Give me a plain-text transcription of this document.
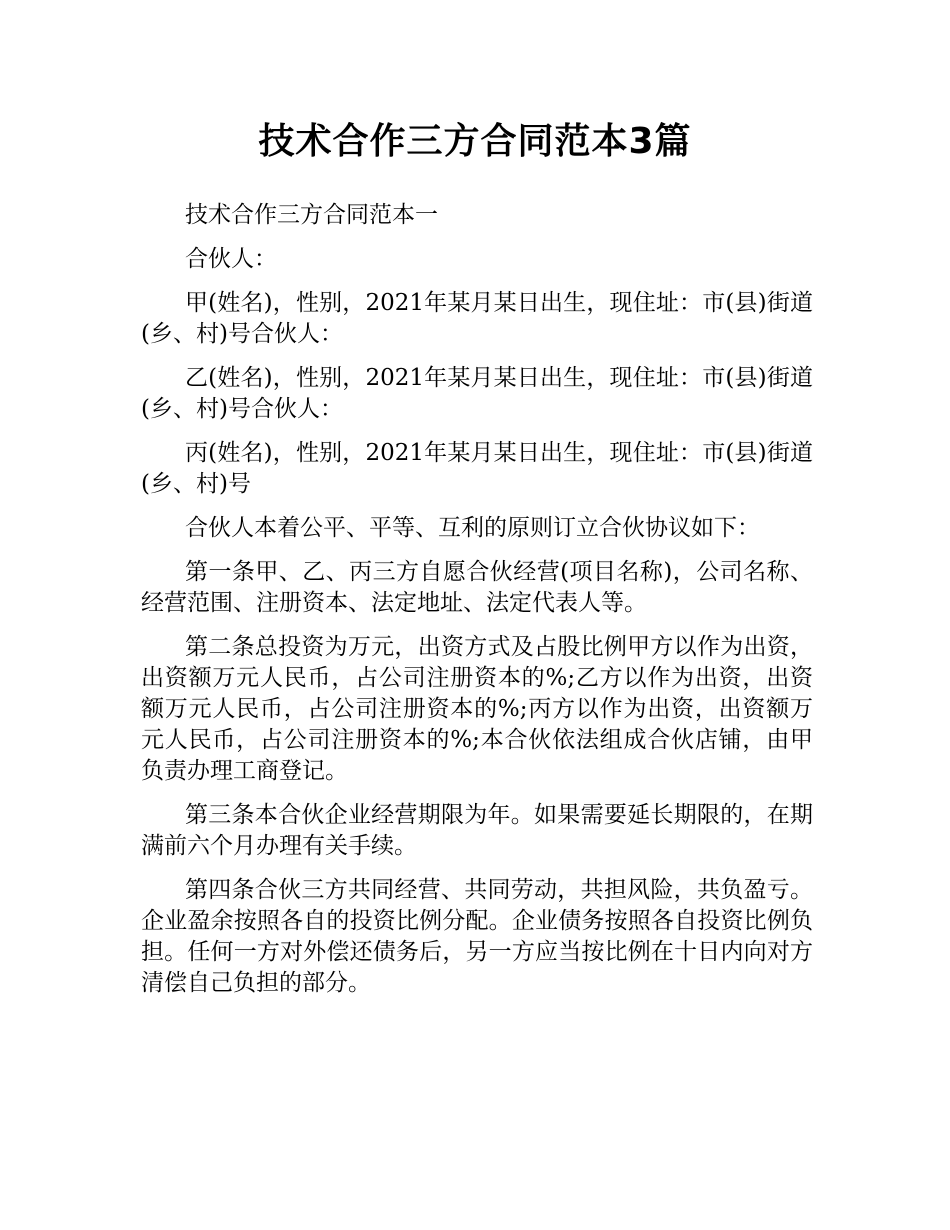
技术合作三方合同范本3篇

技术合作三方合同范本一

合伙人：

甲(姓名)，性别，2021年某月某日出生，现住址：市(县)街道(乡、村)号合伙人：

乙(姓名)，性别，2021年某月某日出生，现住址：市(县)街道(乡、村)号合伙人：

丙(姓名)，性别，2021年某月某日出生，现住址：市(县)街道(乡、村)号

合伙人本着公平、平等、互利的原则订立合伙协议如下：

第一条甲、乙、丙三方自愿合伙经营(项目名称)，公司名称、经营范围、注册资本、法定地址、法定代表人等。

第二条总投资为万元，出资方式及占股比例甲方以作为出资，出资额万元人民币，占公司注册资本的%;乙方以作为出资，出资额万元人民币，占公司注册资本的%;丙方以作为出资，出资额万元人民币，占公司注册资本的%;本合伙依法组成合伙店铺，由甲负责办理工商登记。

第三条本合伙企业经营期限为年。如果需要延长期限的，在期满前六个月办理有关手续。

第四条合伙三方共同经营、共同劳动，共担风险，共负盈亏。企业盈余按照各自的投资比例分配。企业债务按照各自投资比例负担。任何一方对外偿还债务后，另一方应当按比例在十日内向对方清偿自己负担的部分。
